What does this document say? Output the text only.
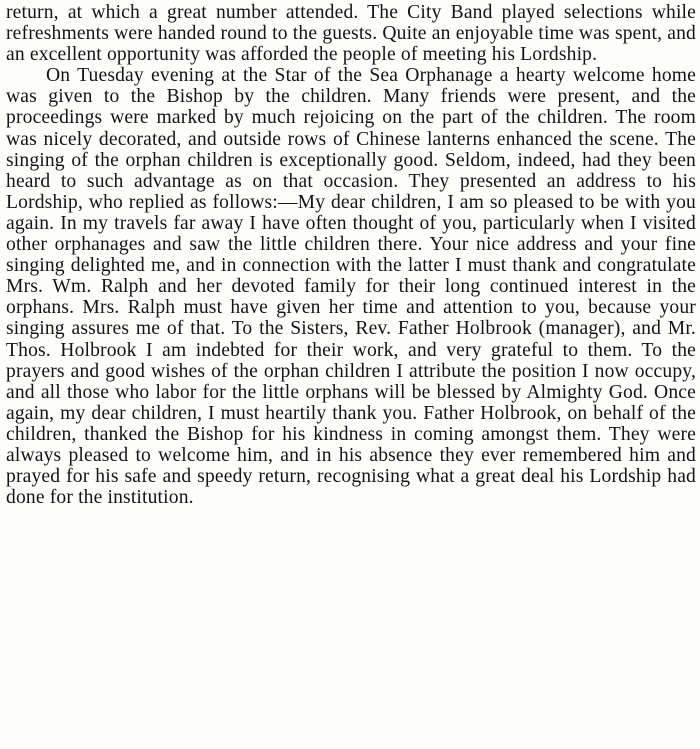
return, at which a great number attended. The City Band played selections while refreshments were handed round to the guests. Quite an enjoyable time was spent, and an excellent opportunity was afforded the people of meeting his Lordship.

On Tuesday evening at the Star of the Sea Orphanage a hearty welcome home was given to the Bishop by the children. Many friends were present, and the proceedings were marked by much rejoicing on the part of the children. The room was nicely decorated, and outside rows of Chinese lanterns enhanced the scene. The singing of the orphan children is exceptionally good. Seldom, indeed, had they been heard to such advantage as on that occasion. They presented an address to his Lordship, who replied as follows:—My dear children, I am so pleased to be with you again. In my travels far away I have often thought of you, particularly when I visited other orphanages and saw the little children there. Your nice address and your fine singing delighted me, and in connection with the latter I must thank and congratulate Mrs. Wm. Ralph and her devoted family for their long continued interest in the orphans. Mrs. Ralph must have given her time and attention to you, because your singing assures me of that. To the Sisters, Rev. Father Holbrook (manager), and Mr. Thos. Holbrook I am indebted for their work, and very grateful to them. To the prayers and good wishes of the orphan children I attribute the position I now occupy, and all those who labor for the little orphans will be blessed by Almighty God. Once again, my dear children, I must heartily thank you. Father Holbrook, on behalf of the children, thanked the Bishop for his kindness in coming amongst them. They were always pleased to welcome him, and in his absence they ever remembered him and prayed for his safe and speedy return, recognising what a great deal his Lordship had done for the institution.
